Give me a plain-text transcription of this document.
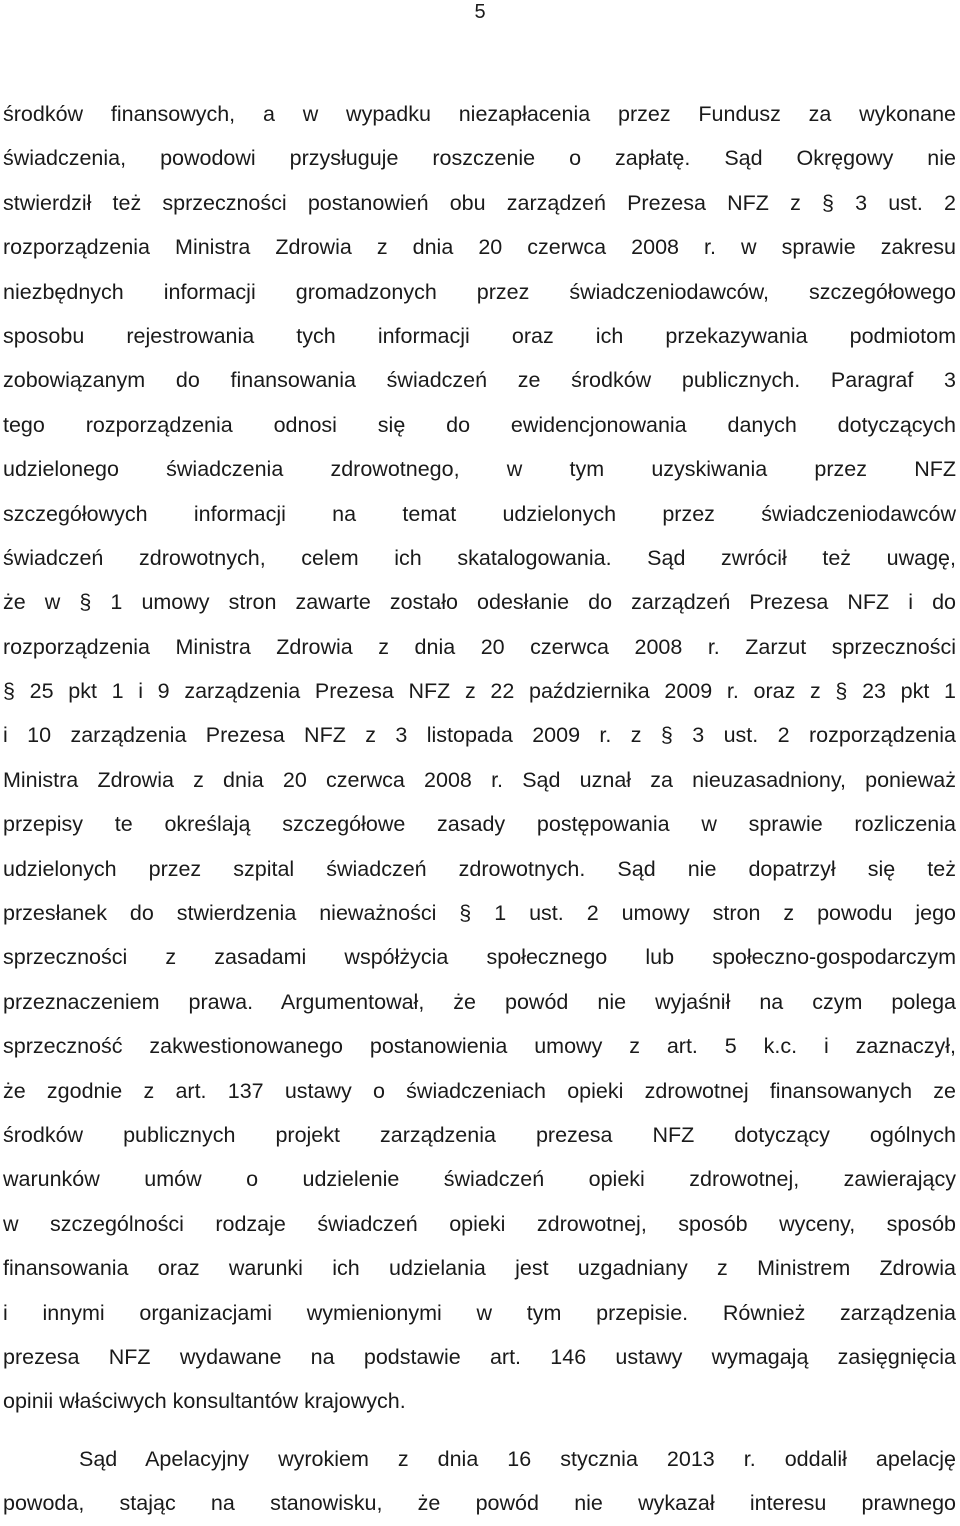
5
środków finansowych, a w wypadku niezapłacenia przez Fundusz za wykonane
świadczenia, powodowi przysługuje roszczenie o zapłatę. Sąd Okręgowy nie
stwierdził też sprzeczności postanowień obu zarządzeń Prezesa NFZ z § 3 ust. 2
rozporządzenia Ministra Zdrowia z dnia 20 czerwca 2008 r. w sprawie zakresu
niezbędnych informacji gromadzonych przez świadczeniodawców, szczegółowego
sposobu rejestrowania tych informacji oraz ich przekazywania podmiotom
zobowiązanym do finansowania świadczeń ze środków publicznych. Paragraf 3
tego rozporządzenia odnosi się do ewidencjonowania danych dotyczących
udzielonego świadczenia zdrowotnego, w tym uzyskiwania przez NFZ
szczegółowych informacji na temat udzielonych przez świadczeniodawców
świadczeń zdrowotnych, celem ich skatalogowania. Sąd zwrócił też uwagę,
że w § 1 umowy stron zawarte zostało odesłanie do zarządzeń Prezesa NFZ i do
rozporządzenia Ministra Zdrowia z dnia 20 czerwca 2008 r. Zarzut sprzeczności
§ 25 pkt 1 i 9 zarządzenia Prezesa NFZ z 22 października 2009 r. oraz z § 23 pkt 1
i 10 zarządzenia Prezesa NFZ z 3 listopada 2009 r. z § 3 ust. 2 rozporządzenia
Ministra Zdrowia z dnia 20 czerwca 2008 r. Sąd uznał za nieuzasadniony, ponieważ
przepisy te określają szczegółowe zasady postępowania w sprawie rozliczenia
udzielonych przez szpital świadczeń zdrowotnych. Sąd nie dopatrzył się też
przesłanek do stwierdzenia nieważności § 1 ust. 2 umowy stron z powodu jego
sprzeczności z zasadami współżycia społecznego lub społeczno-gospodarczym
przeznaczeniem prawa. Argumentował, że powód nie wyjaśnił na czym polega
sprzeczność zakwestionowanego postanowienia umowy z art. 5 k.c. i zaznaczył,
że zgodnie z art. 137 ustawy o świadczeniach opieki zdrowotnej finansowanych ze
środków publicznych projekt zarządzenia prezesa NFZ dotyczący ogólnych
warunków umów o udzielenie świadczeń opieki zdrowotnej, zawierający
w szczególności rodzaje świadczeń opieki zdrowotnej, sposób wyceny, sposób
finansowania oraz warunki ich udzielania jest uzgadniany z Ministrem Zdrowia
i innymi organizacjami wymienionymi w tym przepisie. Również zarządzenia
prezesa NFZ wydawane na podstawie art. 146 ustawy wymagają zasięgnięcia
opinii właściwych konsultantów krajowych.
Sąd Apelacyjny wyrokiem z dnia 16 stycznia 2013 r. oddalił apelację
powoda, stając na stanowisku, że powód nie wykazał interesu prawnego
